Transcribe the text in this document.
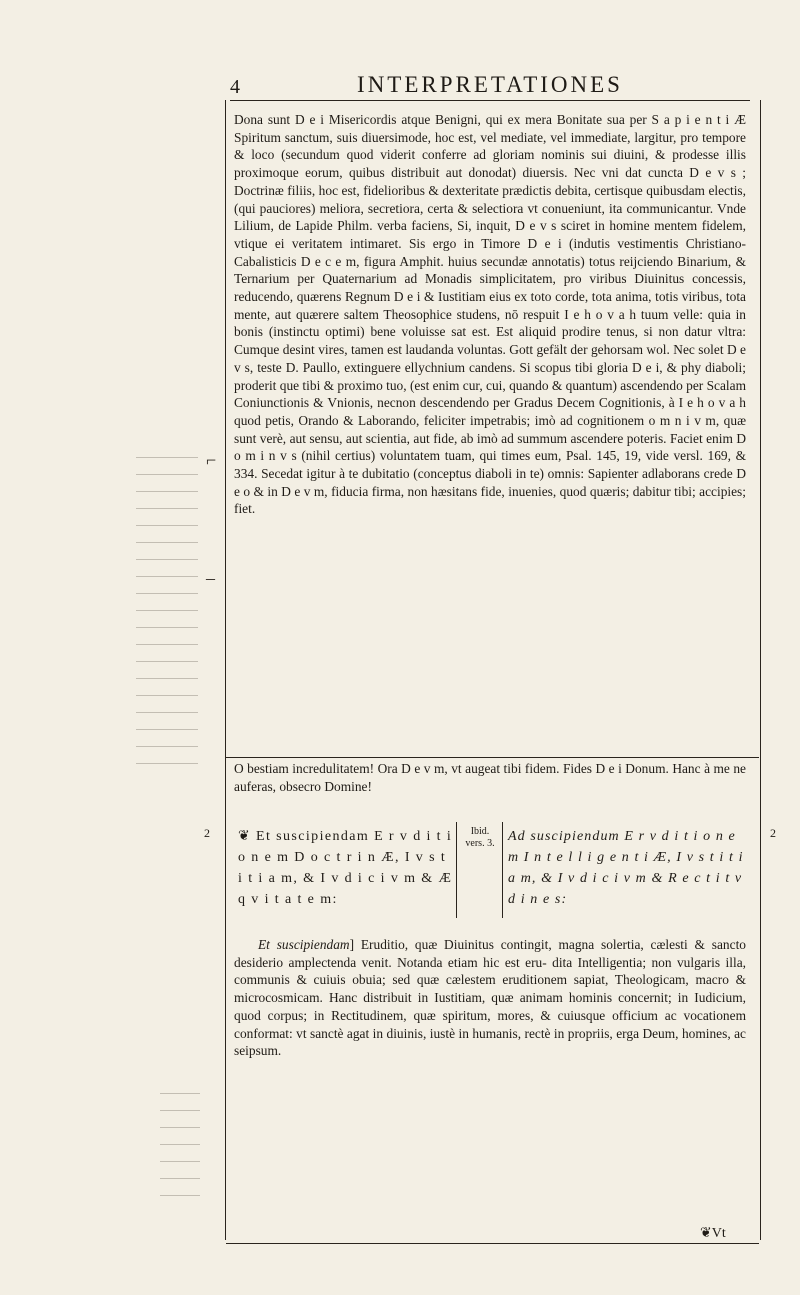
⌐
–
4	INTERPRETATIONES
Dona sunt D e i Misericordis atque Benigni, qui ex mera Bonitate sua per S a p i e n t i Æ Spiritum sanctum, suis diuersimode, hoc est, vel mediate, vel immediate, largitur, pro tempore & loco (secundum quod viderit conferre ad gloriam nominis sui diuini, & prodesse illis proximoque eorum, quibus distribuit aut donodat) diuersis. Nec vni dat cuncta D e v s ; Doctrinæ filiis, hoc est, fidelioribus & dexteritate prædictis debita, certisque quibusdam electis, (qui pauciores) meliora, secretiora, certa & selectiora vt conueniunt, ita communicantur. Vnde Lilium, de Lapide Philm. verba faciens, Si, inquit, D e v s sciret in homine mentem fidelem, vtique ei veritatem intimaret. Sis ergo in Timore D e i (indutis vestimentis Christiano-Cabalisticis D e c e m, figura Amphit. huius secundæ annotatis) totus reijciendo Binarium, & Ternarium per Quaternarium ad Monadis simplicitatem, pro viribus Diuinitus concessis, reducendo, quærens Regnum D e i & Iustitiam eius ex toto corde, tota anima, totis viribus, tota mente, aut quærere saltem Theosophice studens, nō respuit I e h o v a h tuum velle: quia in bonis (instinctu optimi) bene voluisse sat est. Est aliquid prodire tenus, si non datur vltra: Cumque desint vires, tamen est laudanda voluntas. Gott gefält der gehorsam wol. Nec solet D e v s, teste D. Paullo, extinguere ellychnium candens. Si scopus tibi gloria D e i, & phy diaboli; proderit que tibi & proximo tuo, (est enim cur, cui, quando & quantum) ascendendo per Scalam Coniunctionis & Vnionis, necnon descendendo per Gradus Decem Cognitionis, à I e h o v a h quod petis, Orando & Laborando, feliciter impetrabis; imò ad cognitionem o m n i v m, quæ sunt verè, aut sensu, aut scientia, aut fide, ab imò ad summum ascendere poteris. Faciet enim D o m i n v s (nihil certius) voluntatem tuam, qui times eum, Psal. 145, 19, vide versl. 169, & 334. Secedat igitur à te dubitatio (conceptus diaboli in te) omnis: Sapienter adlaborans crede D e o & in D e v m, fiducia firma, non hæsitans fide, inuenies, quod quæris; dabitur tibi; accipies; fiet.
O bestiam incredulitatem! Ora D e v m, vt augeat tibi fidem. Fides D e i Donum. Hanc à me ne auferas, obsecro Domine!
❦ Et suscipiendam E r v d i t i o n e m D o c t r i n Æ, I v s t i t i a m, & I v d i c i v m & Æ q v i t a t e m:
Ibid. vers. 3. Ad suscipiendum E r v d i t i o n e m I n t e l l i g e n t i Æ, I v s t i t i a m, & I v d i c i v m & R e c t i t v d i n e s:
2	2
Et suscipiendam] Eruditio, quæ Diuinitus contingit, magna solertia, cælesti & sancto desiderio amplectenda venit. Notanda etiam hic est eru- dita Intelligentia; non vulgaris illa, communis & cuiuis obuia; sed quæ cælestem eruditionem sapiat, Theologicam, macro & microcosmicam. Hanc distribuit in Iustitiam, quæ animam hominis concernit; in Iudicium, quod corpus; in Rectitudinem, quæ spiritum, mores, & cuiusque officium ac vocationem conformat: vt sanctè agat in diuinis, iustè in humanis, rectè in propriis, erga Deum, homines, ac seipsum.
❦Vt
